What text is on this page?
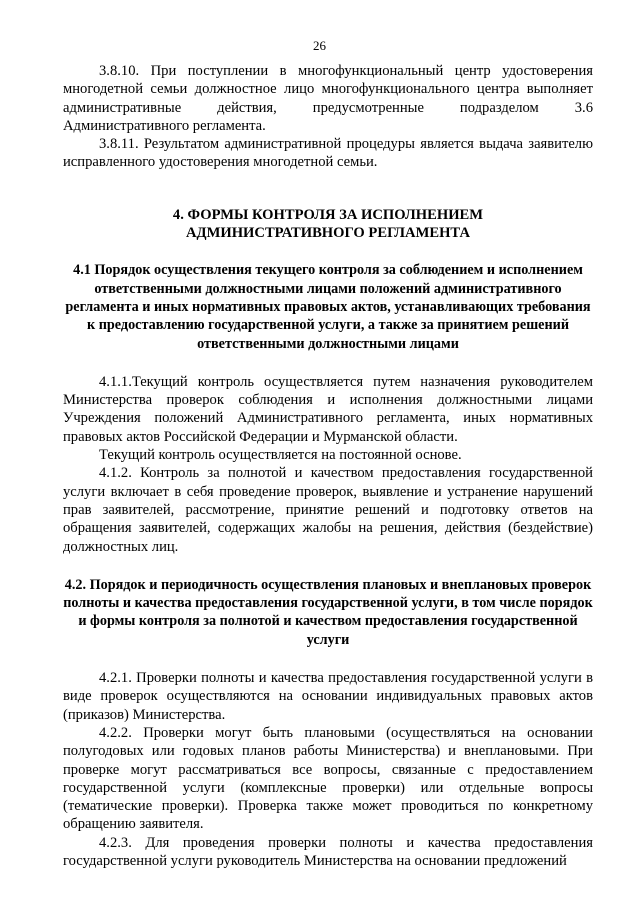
26

3.8.10. При поступлении в многофункциональный центр удостоверения многодетной семьи должностное лицо многофункционального центра выполняет административные действия, предусмотренные подразделом 3.6 Административного регламента.

3.8.11. Результатом административной процедуры является выдача заявителю исправленного удостоверения многодетной семьи.

4. ФОРМЫ КОНТРОЛЯ ЗА ИСПОЛНЕНИЕМ АДМИНИСТРАТИВНОГО РЕГЛАМЕНТА
4.1 Порядок осуществления текущего контроля за соблюдением и исполнением ответственными должностными лицами положений административного регламента и иных нормативных правовых актов, устанавливающих требования к предоставлению государственной услуги, а также за принятием решений ответственными должностными лицами

4.1.1.Текущий контроль осуществляется путем назначения руководителем Министерства проверок соблюдения и исполнения должностными лицами Учреждения положений Административного регламента, иных нормативных правовых актов Российской Федерации и Мурманской области.

Текущий контроль осуществляется на постоянной основе.

4.1.2. Контроль за полнотой и качеством предоставления государственной услуги включает в себя проведение проверок, выявление и устранение нарушений прав заявителей, рассмотрение, принятие решений и подготовку ответов на обращения заявителей, содержащих жалобы на решения, действия (бездействие) должностных лиц.

4.2. Порядок и периодичность осуществления плановых и внеплановых проверок полноты и качества предоставления государственной услуги, в том числе порядок и формы контроля за полнотой и качеством предоставления государственной услуги

4.2.1. Проверки полноты и качества предоставления государственной услуги в виде проверок осуществляются на основании индивидуальных правовых актов (приказов) Министерства.

4.2.2. Проверки могут быть плановыми (осуществляться на основании полугодовых или годовых планов работы Министерства) и внеплановыми. При проверке могут рассматриваться все вопросы, связанные с предоставлением государственной услуги (комплексные проверки) или отдельные вопросы (тематические проверки). Проверка также может проводиться по конкретному обращению заявителя.

4.2.3. Для проведения проверки полноты и качества предоставления государственной услуги руководитель Министерства на основании предложений
